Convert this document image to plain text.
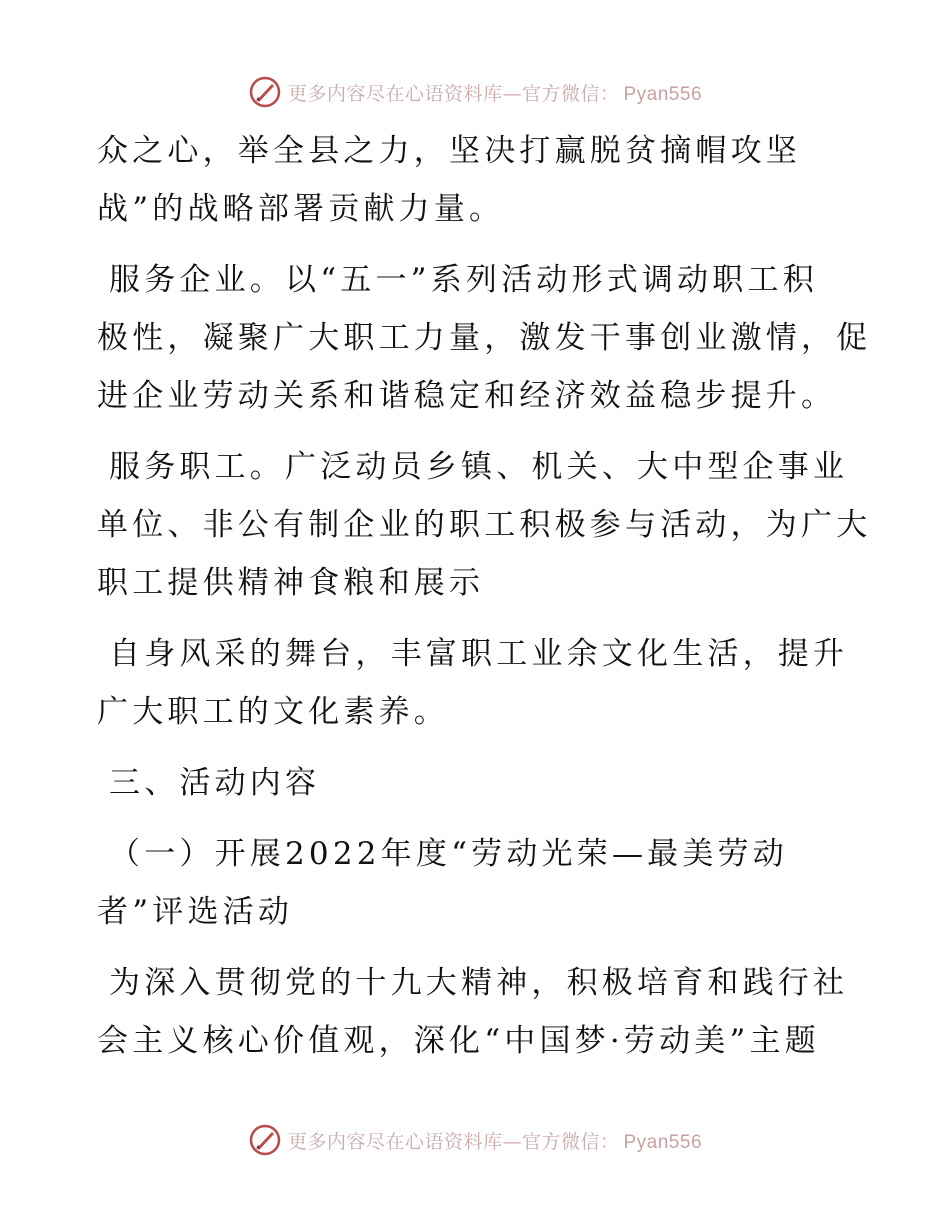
更多内容尽在心语资料库—官方微信： Pyan556

众之心，举全县之力，坚决打赢脱贫摘帽攻坚
战”的战略部署贡献力量。

服务企业。以“五一”系列活动形式调动职工积
极性，凝聚广大职工力量，激发干事创业激情，促
进企业劳动关系和谐稳定和经济效益稳步提升。

服务职工。广泛动员乡镇、机关、大中型企事业
单位、非公有制企业的职工积极参与活动，为广大
职工提供精神食粮和展示

自身风采的舞台，丰富职工业余文化生活，提升
广大职工的文化素养。

三、活动内容

（一）开展2022年度“劳动光荣—最美劳动
者”评选活动

为深入贯彻党的十九大精神，积极培育和践行社
会主义核心价值观，深化“中国梦·劳动美”主题

更多内容尽在心语资料库—官方微信： Pyan556
